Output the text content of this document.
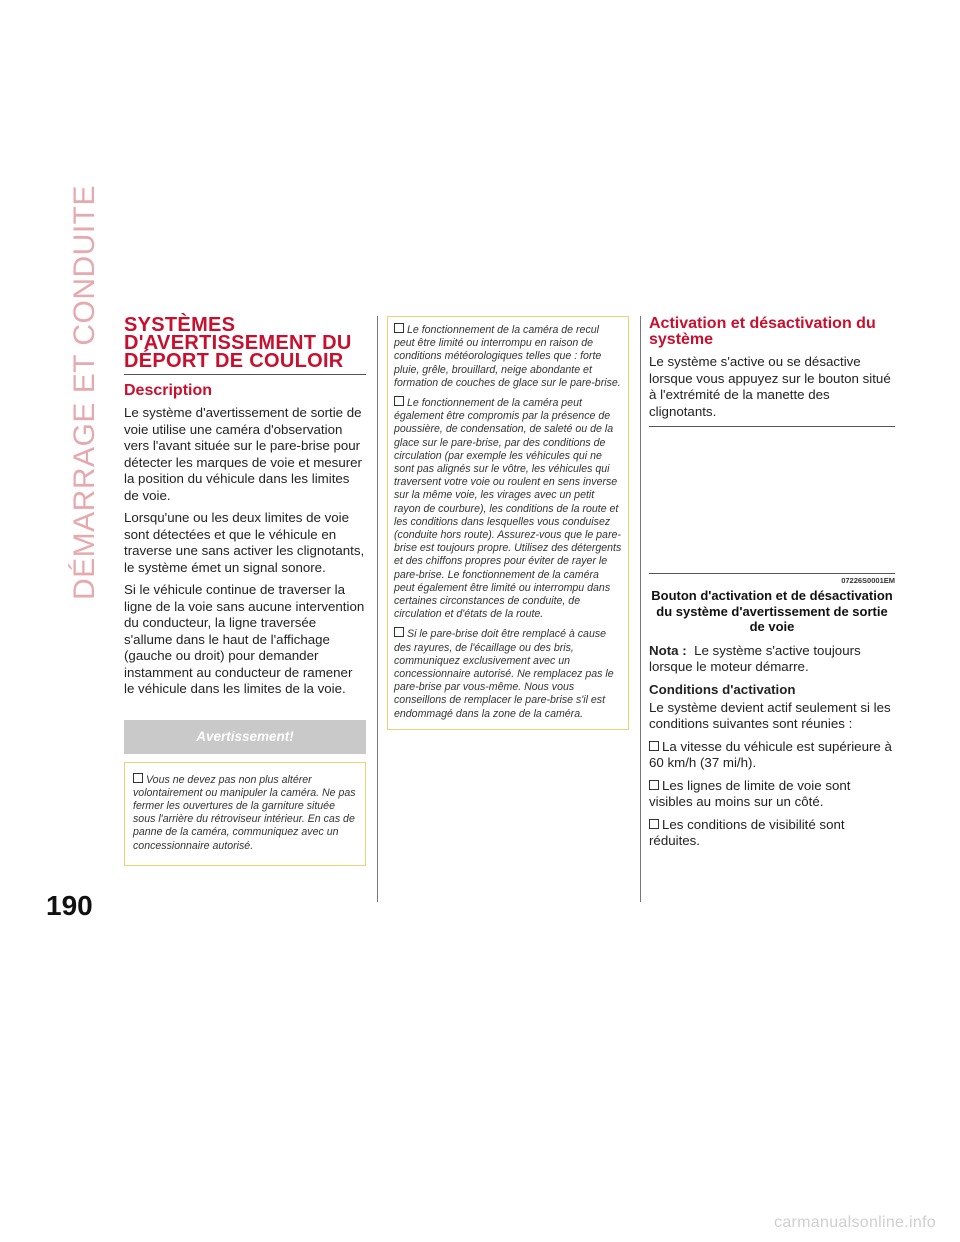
DÉMARRAGE ET CONDUITE
190
SYSTÈMES D'AVERTISSEMENT DU DÉPORT DE COULOIR
Description

Le système d'avertissement de sortie de voie utilise une caméra d'observation vers l'avant située sur le pare-brise pour détecter les marques de voie et mesurer la position du véhicule dans les limites de voie.

Lorsqu'une ou les deux limites de voie sont détectées et que le véhicule en traverse une sans activer les clignotants, le système émet un signal sonore.

Si le véhicule continue de traverser la ligne de la voie sans aucune intervention du conducteur, la ligne traversée s'allume dans le haut de l'affichage (gauche ou droit) pour demander instamment au conducteur de ramener le véhicule dans les limites de la voie.

Avertissement!

Vous ne devez pas non plus altérer volontairement ou manipuler la caméra. Ne pas fermer les ouvertures de la garniture située sous l'arrière du rétroviseur intérieur. En cas de panne de la caméra, communiquez avec un concessionnaire autorisé.

Le fonctionnement de la caméra de recul peut être limité ou interrompu en raison de conditions météorologiques telles que : forte pluie, grêle, brouillard, neige abondante et formation de couches de glace sur le pare-brise.

Le fonctionnement de la caméra peut également être compromis par la présence de poussière, de condensation, de saleté ou de la glace sur le pare-brise, par des conditions de circulation (par exemple les véhicules qui ne sont pas alignés sur le vôtre, les véhicules qui traversent votre voie ou roulent en sens inverse sur la même voie, les virages avec un petit rayon de courbure), les conditions de la route et les conditions dans lesquelles vous conduisez (conduite hors route). Assurez-vous que le pare-brise est toujours propre. Utilisez des détergents et des chiffons propres pour éviter de rayer le pare-brise. Le fonctionnement de la caméra peut également être limité ou interrompu dans certaines circonstances de conduite, de circulation et d'états de la route.

Si le pare-brise doit être remplacé à cause des rayures, de l'écaillage ou des bris, communiquez exclusivement avec un concessionnaire autorisé. Ne remplacez pas le pare-brise par vous-même. Nous vous conseillons de remplacer le pare-brise s'il est endommagé dans la zone de la caméra.

Activation et désactivation du système

Le système s'active ou se désactive lorsque vous appuyez sur le bouton situé à l'extrémité de la manette des clignotants.

07226S0001EM
Bouton d'activation et de désactivation du système d'avertissement de sortie de voie

Nota : Le système s'active toujours lorsque le moteur démarre.

Conditions d'activation

Le système devient actif seulement si les conditions suivantes sont réunies :

La vitesse du véhicule est supérieure à 60 km/h (37 mi/h).

Les lignes de limite de voie sont visibles au moins sur un côté.

Les conditions de visibilité sont réduites.

carmanualsonline.info
